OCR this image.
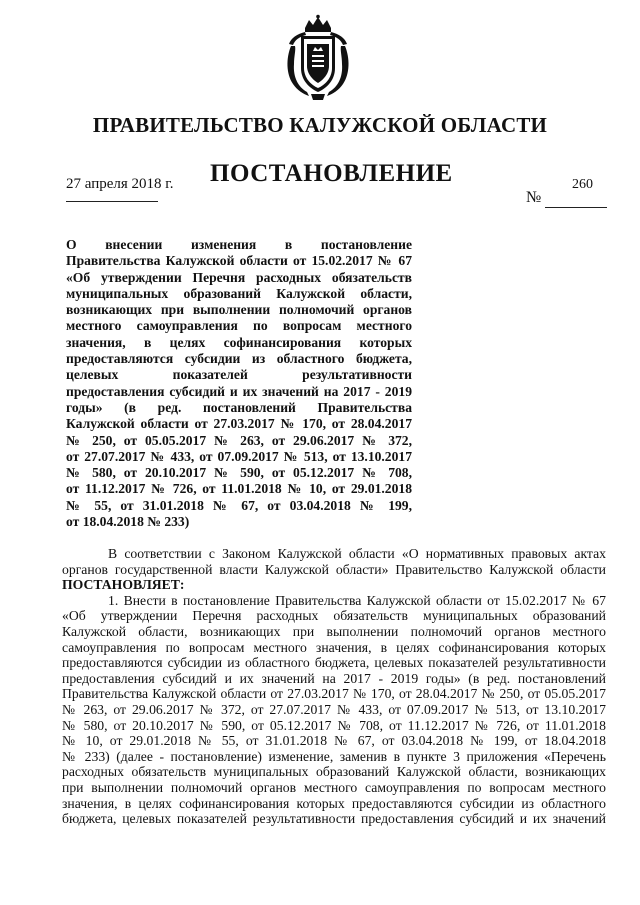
ПРАВИТЕЛЬСТВО КАЛУЖСКОЙ ОБЛАСТИ
ПОСТАНОВЛЕНИЕ
27 апреля 2018 г.	260
№
О внесении изменения в постановление
Правительства Калужской области от 15.02.2017 № 67
«Об утверждении Перечня расходных обязательств
муниципальных образований Калужской области,
возникающих при выполнении полномочий органов
местного самоуправления по вопросам местного
значения, в целях софинансирования которых
предоставляются субсидии из областного бюджета,
целевых показателей результативности
предоставления субсидий и их значений на 2017 - 2019
годы» (в ред. постановлений Правительства
Калужской области от 27.03.2017 № 170, от 28.04.2017
№ 250, от 05.05.2017 № 263, от 29.06.2017 № 372,
от 27.07.2017 № 433, от 07.09.2017 № 513, от 13.10.2017
№ 580, от 20.10.2017 № 590, от 05.12.2017 № 708,
от 11.12.2017 № 726, от 11.01.2018 № 10, от 29.01.2018
№ 55, от 31.01.2018 № 67, от 03.04.2018 № 199,
от 18.04.2018 № 233)
В соответствии с Законом Калужской области «О нормативных правовых актах
органов государственной власти Калужской области» Правительство Калужской области
ПОСТАНОВЛЯЕТ:
1. Внести в постановление Правительства Калужской области от 15.02.2017 № 67
«Об утверждении Перечня расходных обязательств муниципальных образований
Калужской области, возникающих при выполнении полномочий органов местного
самоуправления по вопросам местного значения, в целях софинансирования которых
предоставляются субсидии из областного бюджета, целевых показателей результативности
предоставления субсидий и их значений на 2017 - 2019 годы» (в ред. постановлений
Правительства Калужской области от 27.03.2017 № 170, от 28.04.2017 № 250, от 05.05.2017
№ 263, от 29.06.2017 № 372, от 27.07.2017 № 433, от 07.09.2017 № 513, от 13.10.2017
№ 580, от 20.10.2017 № 590, от 05.12.2017 № 708, от 11.12.2017 № 726, от 11.01.2018
№ 10, от 29.01.2018 № 55, от 31.01.2018 № 67, от 03.04.2018 № 199, от 18.04.2018
№ 233) (далее - постановление) изменение, заменив в пункте 3 приложения «Перечень
расходных обязательств муниципальных образований Калужской области, возникающих
при выполнении полномочий органов местного самоуправления по вопросам местного
значения, в целях софинансирования которых предоставляются субсидии из областного
бюджета, целевых показателей результативности предоставления субсидий и их значений
